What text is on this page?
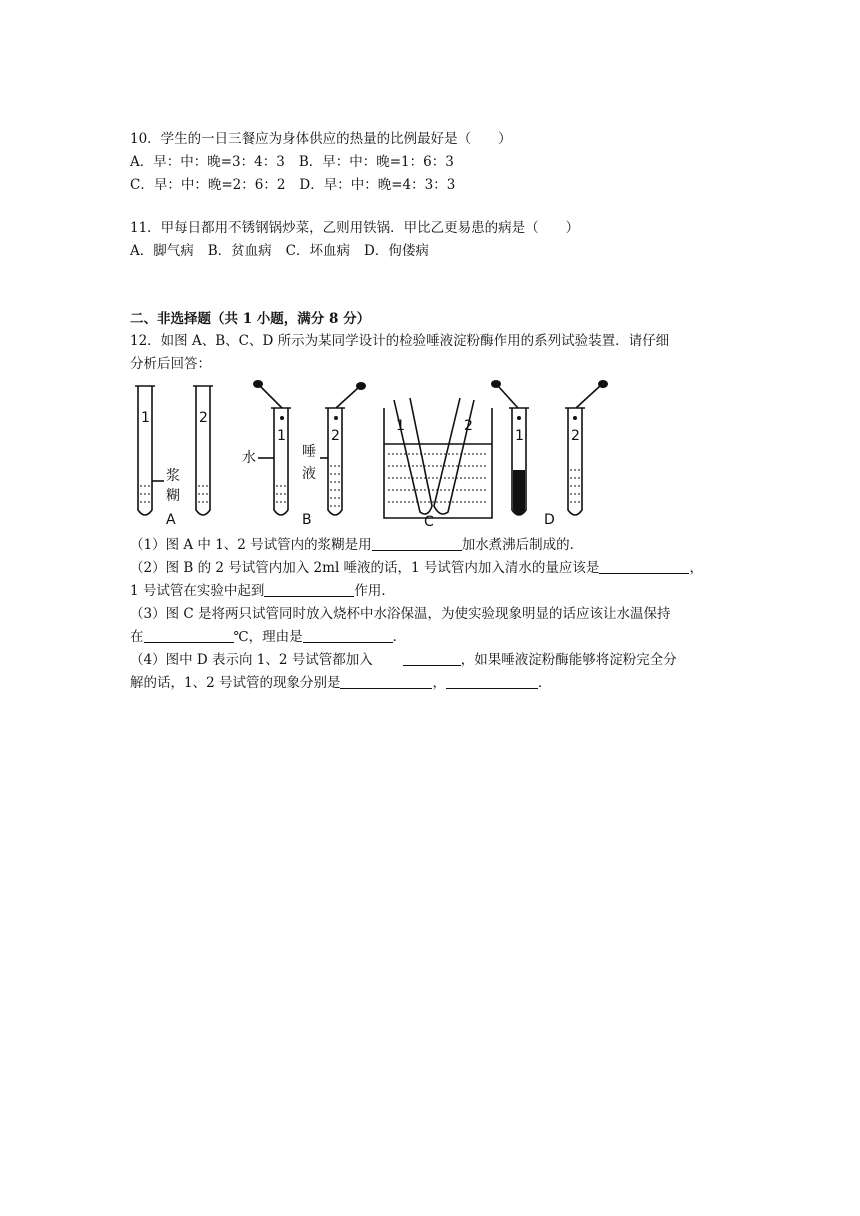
10．学生的一日三餐应为身体供应的热量的比例最好是（　　）
A．早：中：晚=3：4：3 B．早：中：晚=1：6：3
C．早：中：晚=2：6：2 D．早：中：晚=4：3：3
11．甲每日都用不锈钢锅炒菜，乙则用铁锅．甲比乙更易患的病是（　　）
A．脚气病 B．贫血病 C．坏血病 D．佝偻病
二、非选择题（共 1 小题，满分 8 分）
12．如图 A、B、C、D 所示为某同学设计的检验唾液淀粉酶作用的系列试验装置．请仔细
分析后回答：
1	2
浆
糊
A
1	2
水	唾
液
B
1	2
C
1	2
D
（1）图 A 中 1、2 号试管内的浆糊是用	加水煮沸后制成的．
（2）图 B 的 2 号试管内加入 2ml 唾液的话，1 号试管内加入清水的量应该是	，
1 号试管在实验中起到	作用．
（3）图 C 是将两只试管同时放入烧杯中水浴保温，为使实验现象明显的话应该让水温保持
在	℃，理由是	．
（4）图中 D 表示向 1、2 号试管都加入	，如果唾液淀粉酶能够将淀粉完全分
解的话，1、2 号试管的现象分别是	，	．
